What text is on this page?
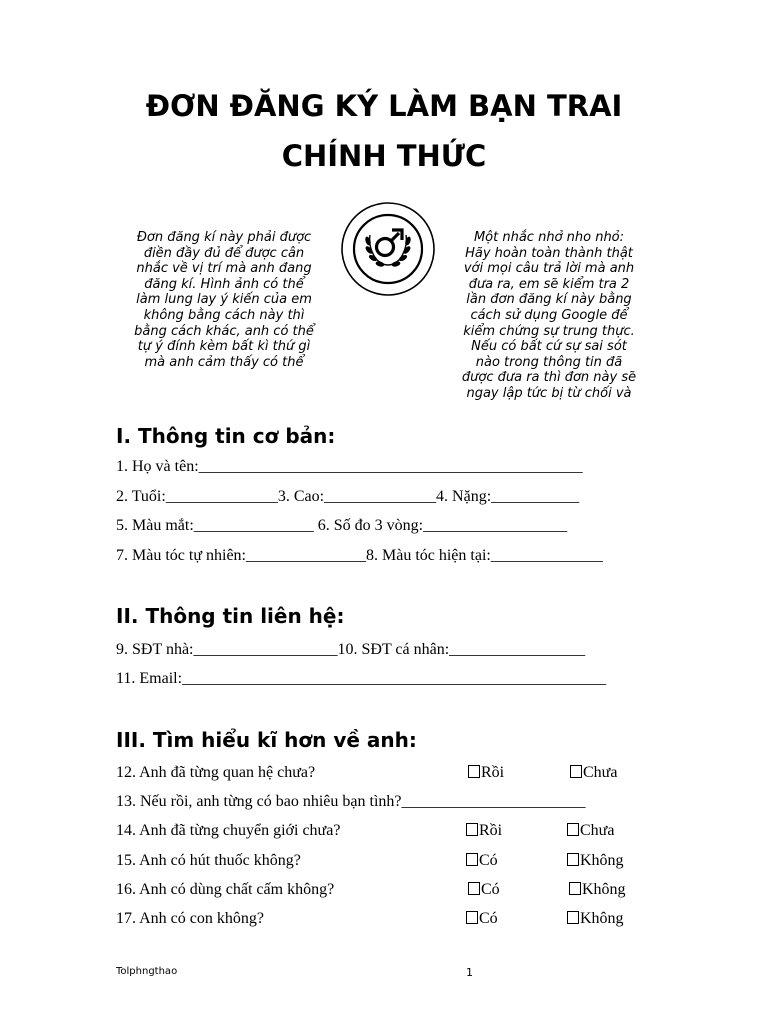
ĐƠN ĐĂNG KÝ LÀM BẠN TRAI
CHÍNH THỨC
Đơn đăng kí này phải được
điền đầy đủ để được cân
nhắc về vị trí mà anh đang
đăng kí. Hình ảnh có thể
làm lung lay ý kiến của em
không bằng cách này thì
bằng cách khác, anh có thể
tự ý đính kèm bất kì thứ gì
mà anh cảm thấy có thể
Một nhắc nhở nho nhỏ:
Hãy hoàn toàn thành thật
với mọi câu trả lời mà anh
đưa ra, em sẽ kiểm tra 2
lần đơn đăng kí này bằng
cách sử dụng Google để
kiểm chứng sự trung thực.
Nếu có bất cứ sự sai sót
nào trong thông tin đã
được đưa ra thì đơn này sẽ
ngay lập tức bị từ chối và
I. Thông tin cơ bản:
1. Họ và tên:________________________________________________
2. Tuổi:______________3. Cao:______________4. Nặng:___________
5. Màu mắt:_______________ 6. Số đo 3 vòng:__________________
7. Màu tóc tự nhiên:_______________8. Màu tóc hiện tại:______________
II. Thông tin liên hệ:
9. SĐT nhà:__________________10. SĐT cá nhân:_________________
11. Email:_____________________________________________________
III. Tìm hiểu kĩ hơn về anh:
12. Anh đã từng quan hệ chưa?	Rồi	Chưa
13. Nếu rồi, anh từng có bao nhiêu bạn tình?_______________________
14. Anh đã từng chuyển giới chưa?	Rồi	Chưa
15. Anh có hút thuốc không?	Có	Không
16. Anh có dùng chất cấm không?	Có	Không
17. Anh có con không?	Có	Không
Tolphngthao	1
